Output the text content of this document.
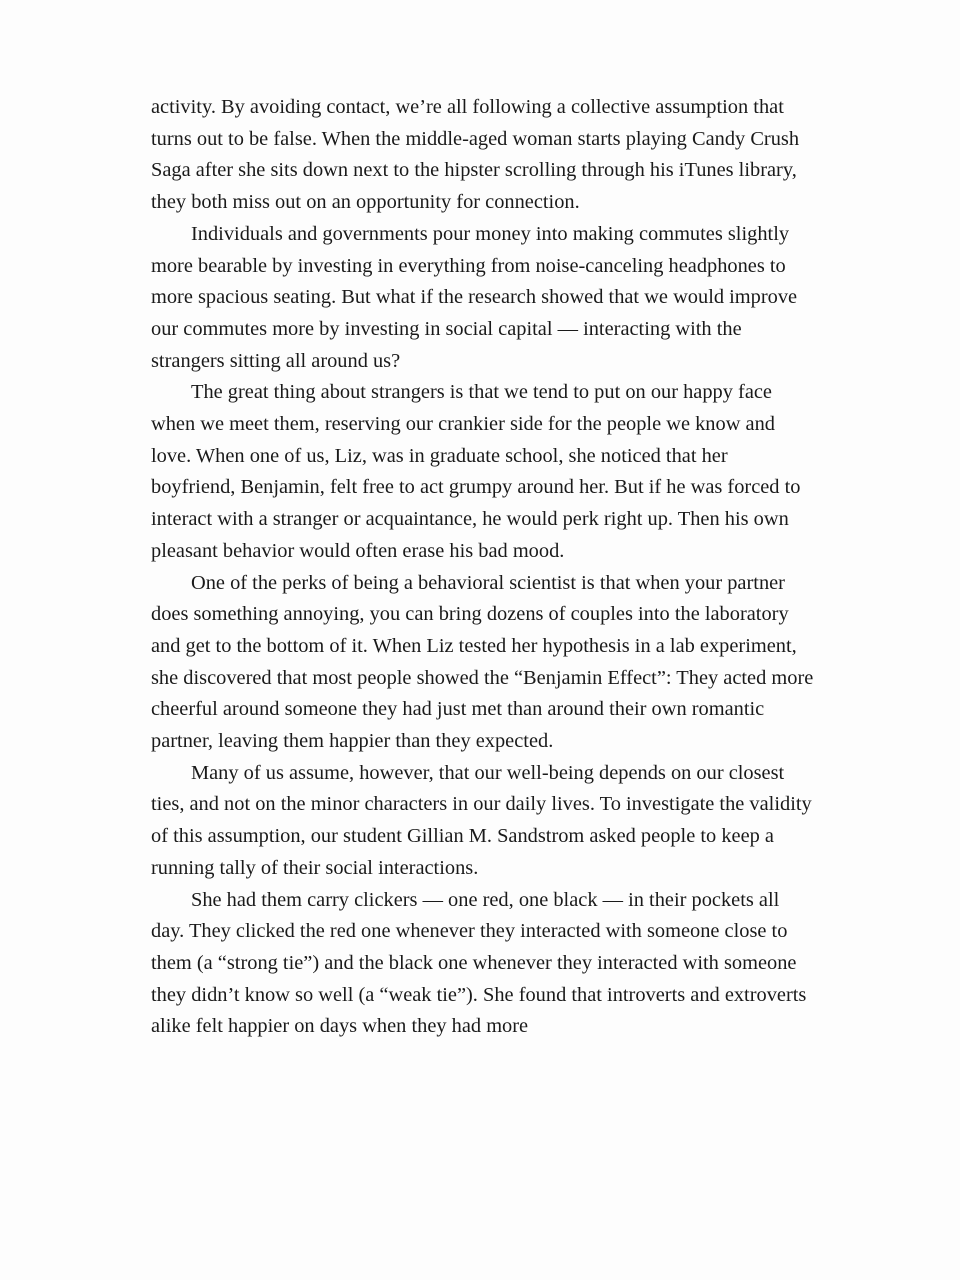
activity. By avoiding contact, we’re all following a collective assumption that turns out to be false. When the middle-aged woman starts playing Candy Crush Saga after she sits down next to the hipster scrolling through his iTunes library, they both miss out on an opportunity for connection.

Individuals and governments pour money into making commutes slightly more bearable by investing in everything from noise-canceling headphones to more spacious seating. But what if the research showed that we would improve our commutes more by investing in social capital — interacting with the strangers sitting all around us?

The great thing about strangers is that we tend to put on our happy face when we meet them, reserving our crankier side for the people we know and love. When one of us, Liz, was in graduate school, she noticed that her boyfriend, Benjamin, felt free to act grumpy around her. But if he was forced to interact with a stranger or acquaintance, he would perk right up. Then his own pleasant behavior would often erase his bad mood.

One of the perks of being a behavioral scientist is that when your partner does something annoying, you can bring dozens of couples into the laboratory and get to the bottom of it. When Liz tested her hypothesis in a lab experiment, she discovered that most people showed the “Benjamin Effect”: They acted more cheerful around someone they had just met than around their own romantic partner, leaving them happier than they expected.

Many of us assume, however, that our well-being depends on our closest ties, and not on the minor characters in our daily lives. To investigate the validity of this assumption, our student Gillian M. Sandstrom asked people to keep a running tally of their social interactions.

She had them carry clickers — one red, one black — in their pockets all day. They clicked the red one whenever they interacted with someone close to them (a “strong tie”) and the black one whenever they interacted with someone they didn’t know so well (a “weak tie”). She found that introverts and extroverts alike felt happier on days when they had more
